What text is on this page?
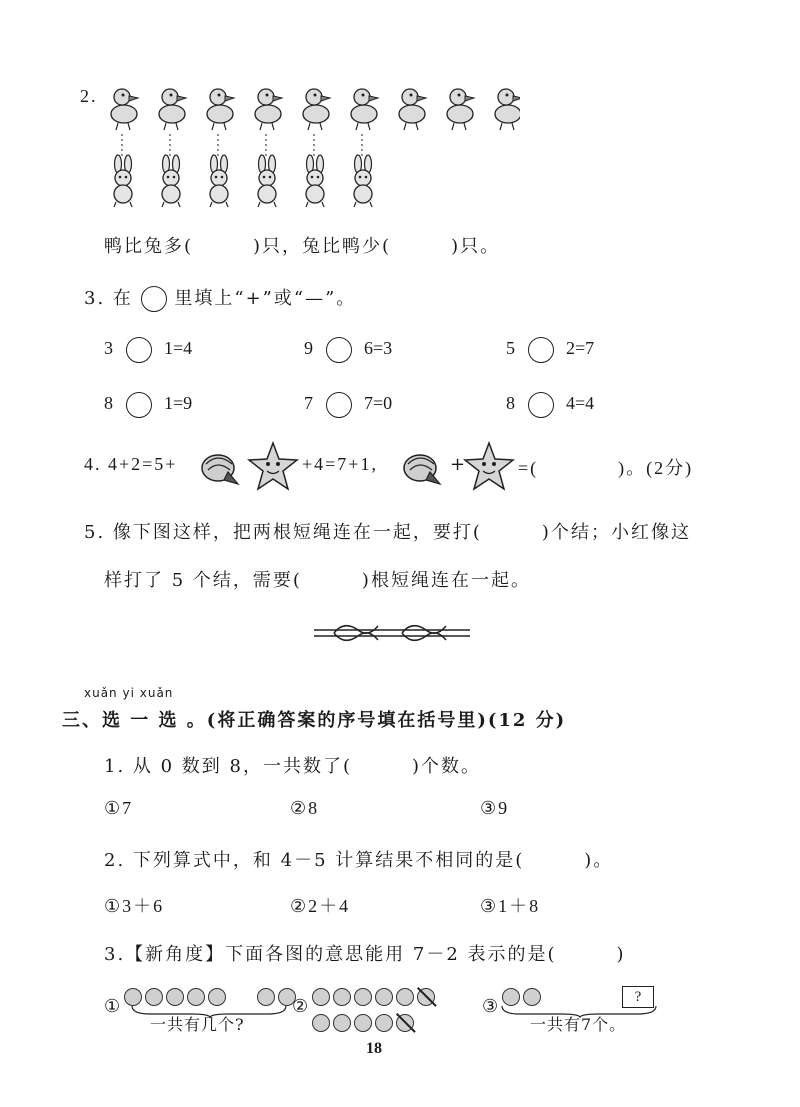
2.
鸭比兔多(　　　)只，兔比鸭少(　　　)只。
3. 在 里填上“+”或“—”。
3	1=4	9	6=3	5	2=7
8	1=9	7	7=0	8	4=4
4. 4+2=5+	+4=7+1,	+	=(　　　　)。(2分)
5. 像下图这样，把两根短绳连在一起，要打(　　　)个结；小红像这
样打了 5 个结，需要(　　　)根短绳连在一起。
xuǎn yi xuǎn
三、选 一 选 。(将正确答案的序号填在括号里)(12 分)
1. 从 0 数到 8，一共数了(　　　)个数。
①7	②8	③9
2. 下列算式中，和 4－5 计算结果不相同的是(　　　)。
①3＋6	②2＋4	③1＋8
3.【新角度】下面各图的意思能用 7－2 表示的是(　　　)
①

一共有几个?
②	③	?
一共有7个。
18
